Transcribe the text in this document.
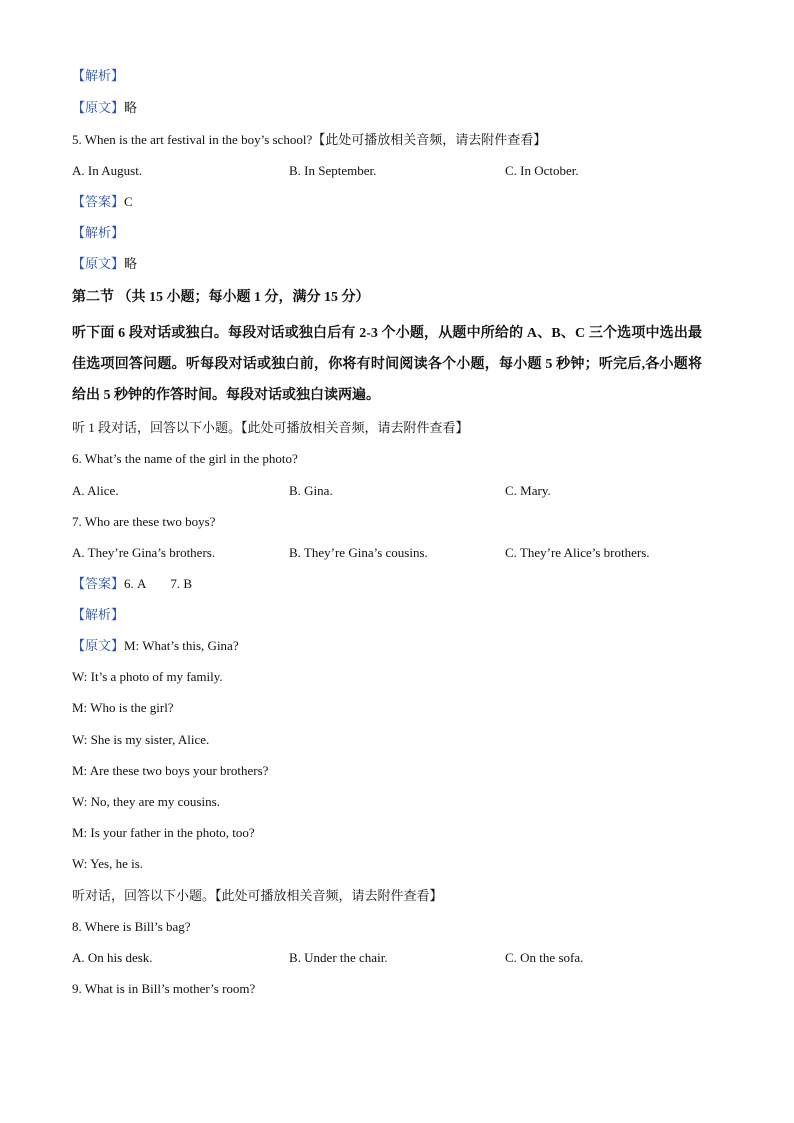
【解析】
【原文】略
5. When is the art festival in the boy’s school?【此处可播放相关音频，请去附件查看】
A. In August.	B. In September.	C. In October.
【答案】C
【解析】
【原文】略
第二节 （共 15 小题；每小题 1 分，满分 15 分）
听下面 6 段对话或独白。每段对话或独白后有 2-3 个小题，从题中所给的 A、B、C 三个选项中选出最佳选项回答问题。听每段对话或独白前，你将有时间阅读各个小题，每小题 5 秒钟；听完后,各小题将给出 5 秒钟的作答时间。每段对话或独白读两遍。
听 1 段对话，回答以下小题。【此处可播放相关音频，请去附件查看】
6. What’s the name of the girl in the photo?
A. Alice.	B. Gina.	C. Mary.
7. Who are these two boys?
A. They’re Gina’s brothers.	B. They’re Gina’s cousins.	C. They’re Alice’s brothers.
【答案】6. A 7. B
【解析】
【原文】M: What’s this, Gina?
W: It’s a photo of my family.
M: Who is the girl?
W: She is my sister, Alice.
M: Are these two boys your brothers?
W: No, they are my cousins.
M: Is your father in the photo, too?
W: Yes, he is.
听对话，回答以下小题。【此处可播放相关音频，请去附件查看】
8. Where is Bill’s bag?
A. On his desk.	B. Under the chair.	C. On the sofa.
9. What is in Bill’s mother’s room?
